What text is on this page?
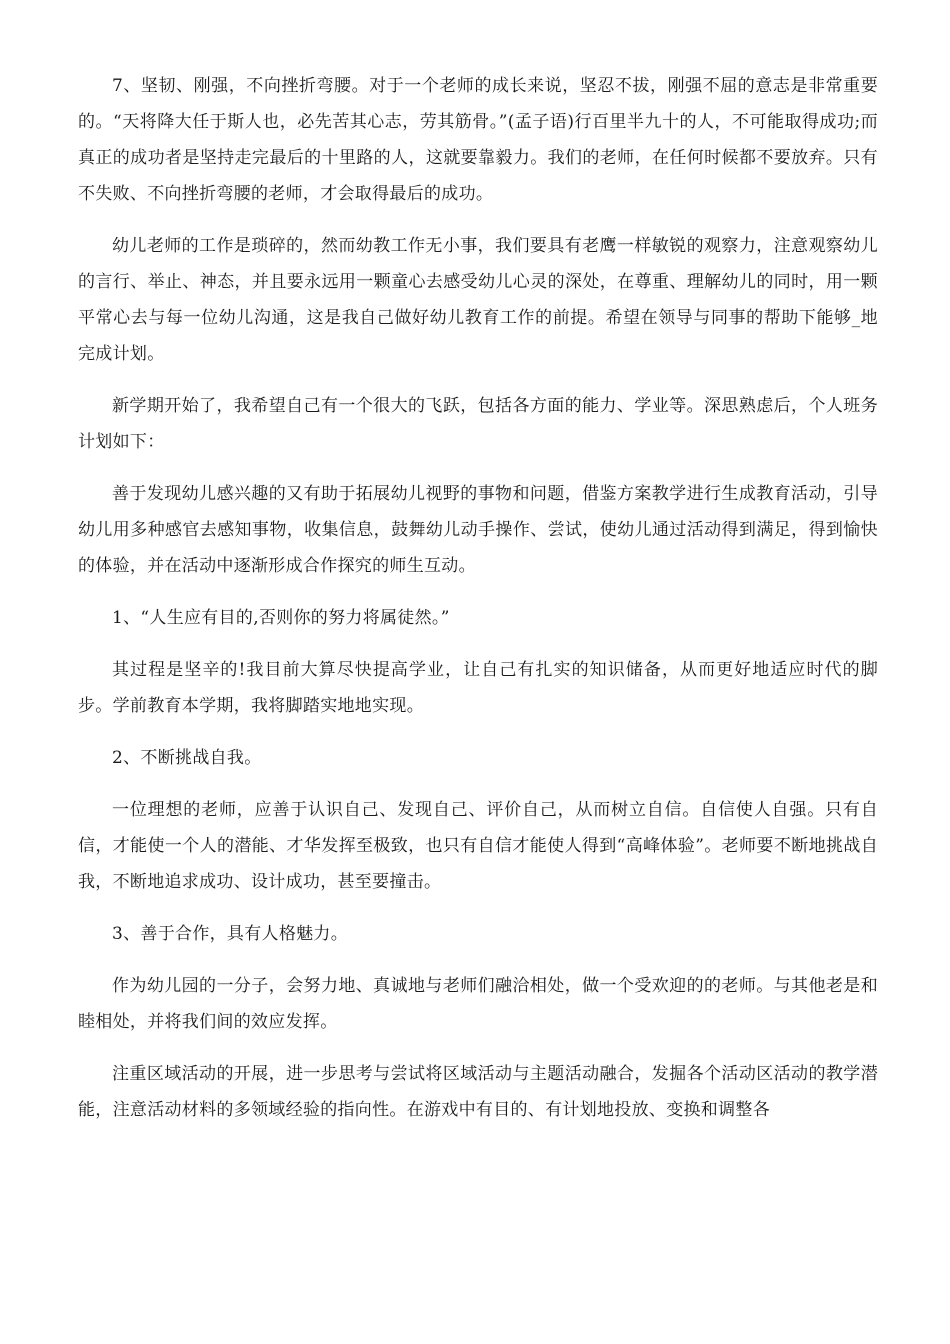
7、坚韧、刚强，不向挫折弯腰。对于一个老师的成长来说，坚忍不拔，刚强不屈的意志是非常重要的。“天将降大任于斯人也，必先苦其心志，劳其筋骨。”(孟子语)行百里半九十的人，不可能取得成功;而真正的成功者是坚持走完最后的十里路的人，这就要靠毅力。我们的老师，在任何时候都不要放弃。只有不失败、不向挫折弯腰的老师，才会取得最后的成功。

幼儿老师的工作是琐碎的，然而幼教工作无小事，我们要具有老鹰一样敏锐的观察力，注意观察幼儿的言行、举止、神态，并且要永远用一颗童心去感受幼儿心灵的深处，在尊重、理解幼儿的同时，用一颗平常心去与每一位幼儿沟通，这是我自己做好幼儿教育工作的前提。希望在领导与同事的帮助下能够_地完成计划。

新学期开始了，我希望自己有一个很大的飞跃，包括各方面的能力、学业等。深思熟虑后，个人班务计划如下：

善于发现幼儿感兴趣的又有助于拓展幼儿视野的事物和问题，借鉴方案教学进行生成教育活动，引导幼儿用多种感官去感知事物，收集信息，鼓舞幼儿动手操作、尝试，使幼儿通过活动得到满足，得到愉快的体验，并在活动中逐渐形成合作探究的师生互动。

1、“人生应有目的,否则你的努力将属徒然。”

其过程是坚辛的!我目前大算尽快提高学业，让自己有扎实的知识储备，从而更好地适应时代的脚步。学前教育本学期，我将脚踏实地地实现。

2、不断挑战自我。

一位理想的老师，应善于认识自己、发现自己、评价自己，从而树立自信。自信使人自强。只有自信，才能使一个人的潜能、才华发挥至极致，也只有自信才能使人得到“高峰体验”。老师要不断地挑战自我，不断地追求成功、设计成功，甚至要撞击。

3、善于合作，具有人格魅力。

作为幼儿园的一分子，会努力地、真诚地与老师们融洽相处，做一个受欢迎的的老师。与其他老是和睦相处，并将我们间的效应发挥。

注重区域活动的开展，进一步思考与尝试将区域活动与主题活动融合，发掘各个活动区活动的教学潜能，注意活动材料的多领域经验的指向性。在游戏中有目的、有计划地投放、变换和调整各
